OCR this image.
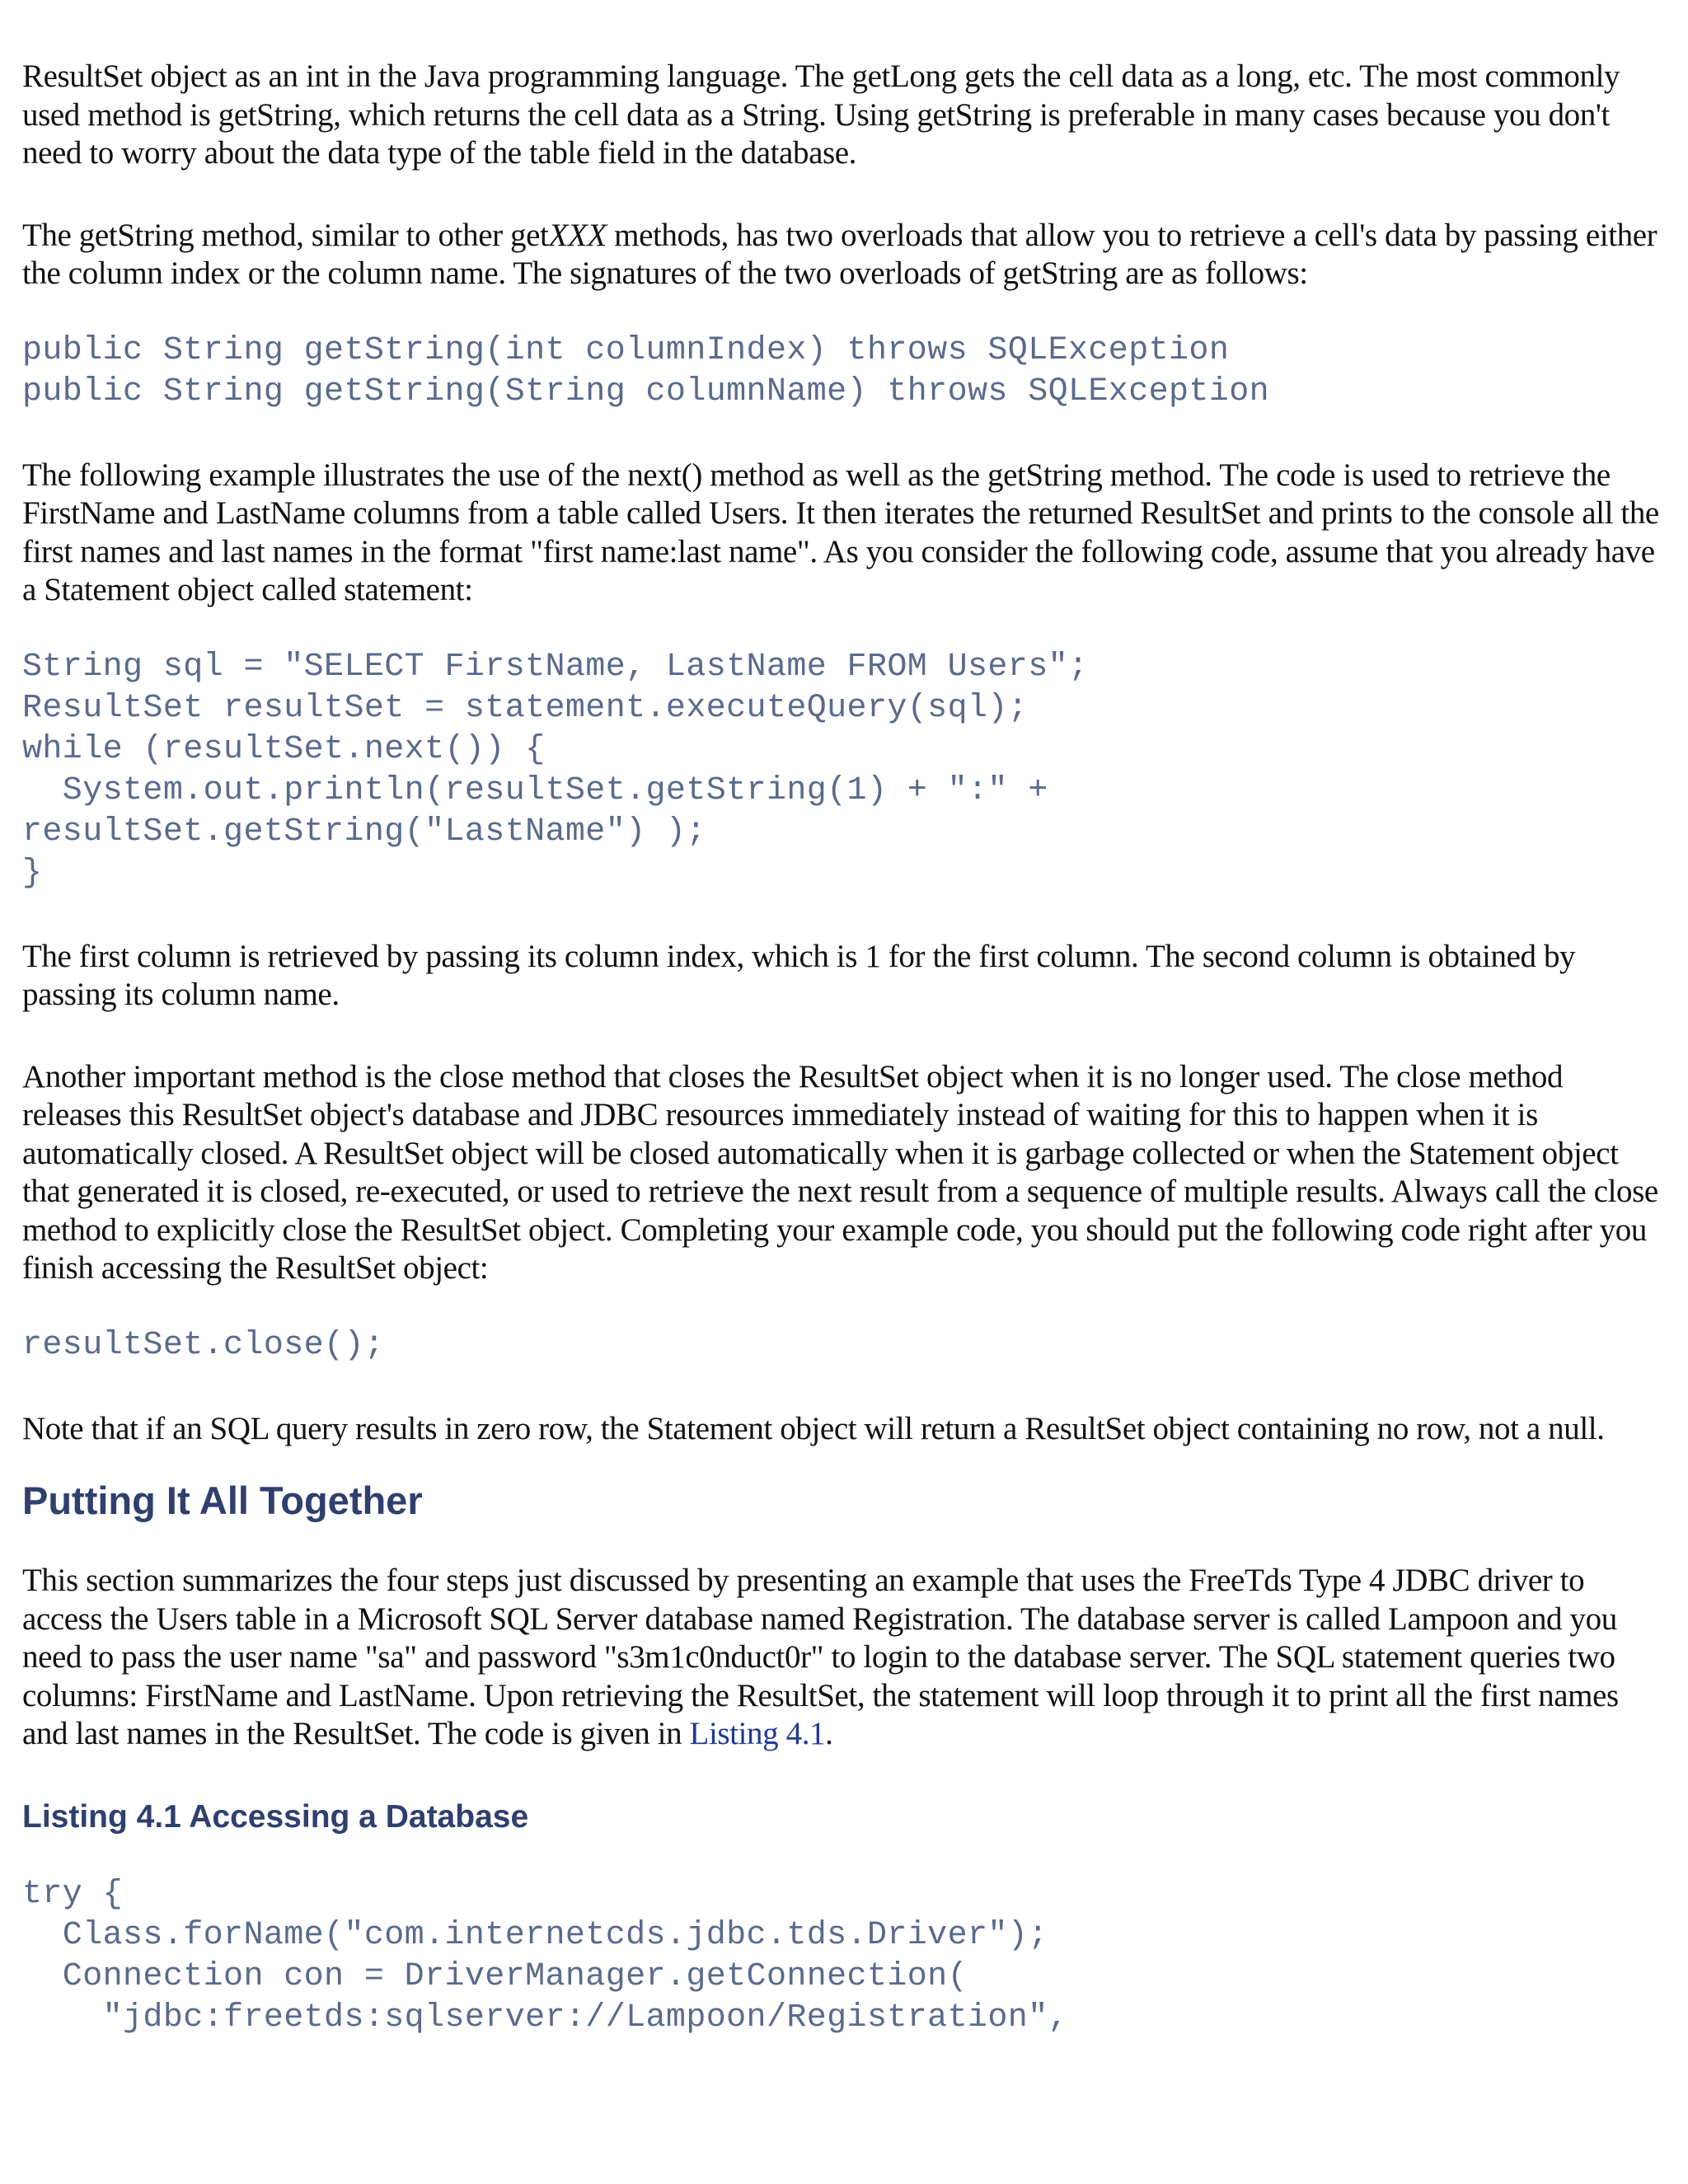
ResultSet object as an int in the Java programming language. The getLong gets the cell data as a long, etc. The most commonly used method is getString, which returns the cell data as a String. Using getString is preferable in many cases because you don't need to worry about the data type of the table field in the database.

The getString method, similar to other getXXX methods, has two overloads that allow you to retrieve a cell's data by passing either the column index or the column name. The signatures of the two overloads of getString are as follows:

public String getString(int columnIndex) throws SQLException
public String getString(String columnName) throws SQLException

The following example illustrates the use of the next() method as well as the getString method. The code is used to retrieve the FirstName and LastName columns from a table called Users. It then iterates the returned ResultSet and prints to the console all the first names and last names in the format "first name:last name". As you consider the following code, assume that you already have a Statement object called statement:

String sql = "SELECT FirstName, LastName FROM Users";
ResultSet resultSet = statement.executeQuery(sql);
while (resultSet.next()) {
System.out.println(resultSet.getString(1) + ":" +
resultSet.getString("LastName") );
}

The first column is retrieved by passing its column index, which is 1 for the first column. The second column is obtained by passing its column name.

Another important method is the close method that closes the ResultSet object when it is no longer used. The close method releases this ResultSet object's database and JDBC resources immediately instead of waiting for this to happen when it is automatically closed. A ResultSet object will be closed automatically when it is garbage collected or when the Statement object that generated it is closed, re-executed, or used to retrieve the next result from a sequence of multiple results. Always call the close method to explicitly close the ResultSet object. Completing your example code, you should put the following code right after you finish accessing the ResultSet object:

resultSet.close();

Note that if an SQL query results in zero row, the Statement object will return a ResultSet object containing no row, not a null.

Putting It All Together

This section summarizes the four steps just discussed by presenting an example that uses the FreeTds Type 4 JDBC driver to access the Users table in a Microsoft SQL Server database named Registration. The database server is called Lampoon and you need to pass the user name "sa" and password "s3m1c0nduct0r" to login to the database server. The SQL statement queries two columns: FirstName and LastName. Upon retrieving the ResultSet, the statement will loop through it to print all the first names and last names in the ResultSet. The code is given in Listing 4.1.

Listing 4.1 Accessing a Database
try {
Class.forName("com.internetcds.jdbc.tds.Driver");
Connection con = DriverManager.getConnection(
"jdbc:freetds:sqlserver://Lampoon/Registration",
